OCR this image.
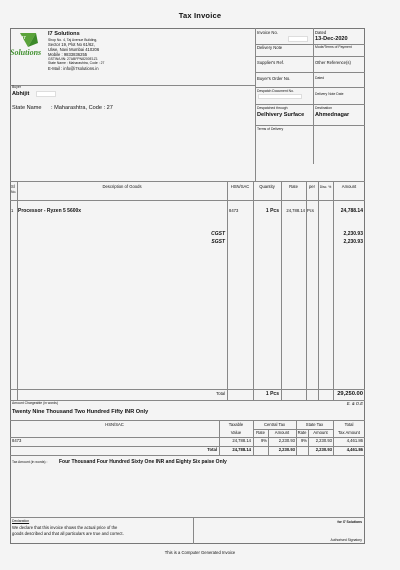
Tax Invoice
Solutions
I7
I7 Solutions
Shop No. 4, Taj Avenue Building,
Sector 19, Plot No 61/62,
Ulwe, Navi Mumbai 410206
Mobile : 9833836255
GSTIN/UIN: 27ABFPN8200E1Z1
State Name : Maharashtra, Code : 27
E-Mail : info@i7solutions.in
Buyer
Abhijit
State Name : Maharashtra, Code : 27
Invoice No.	Dated
13-Dec-2020
Delivery Note	Mode/Terms of Payment
Supplier's Ref.	Other Reference(s)
Buyer's Order No.	Dated
Despatch Document No.
Delivery Note Date
Despatched through
Delhivery Surface
Destination
Ahmednagar
Terms of Delivery
Sl
No.
Description of Goods	HSN/SAC	Quantity	Rate	per	Disc. %	Amount
1 Processor - Ryzen 5 5600x	8473	1 Pcs	24,788.14 Pcs	24,788.14
CGST	2,230.93
SGST	2,230.93
Total	1 Pcs	29,250.00
Amount Chargeable (in words)	E. & O.E
Twenty Nine Thousand Two Hundred Fifty INR Only
HSN/SAC	Taxable
Value
Central Tax
Rate	Amount
State Tax
Rate	Amount
Total
Tax Amount
8473	24,788.14	9%	2,230.93	9%	2,230.93	4,461.86
Total	24,788.14	2,230.93	2,230.93	4,461.86
Tax Amount (in words) : Four Thousand Four Hundred Sixty One INR and Eighty Six paise Only
Declaration
We declare that this invoice shows the actual price of the
goods described and that all particulars are true and correct.
for I7 Solutions
Authorised Signatory
This is a Computer Generated Invoice
